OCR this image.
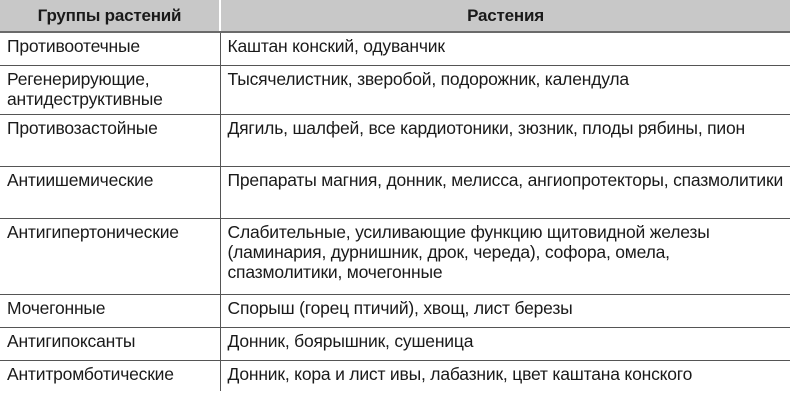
Группы растений	Растения
Противоотечные	Каштан конский, одуванчик
Регенерирующие, антидеструктивные	Тысячелистник, зверобой, подорожник, календула
Противозастойные	Дягиль, шалфей, все кардиотоники, зюзник, плоды рябины, пион
Антиишемические	Препараты магния, донник, мелисса, ангиопротекторы, спазмолитики
Антигипертонические	Слабительные, усиливающие функцию щитовидной железы (ламинария, дурнишник, дрок, череда), софора, омела, спазмолитики, мочегонные
Мочегонные	Спорыш (горец птичий), хвощ, лист березы
Антигипоксанты	Донник, боярышник, сушеница
Антитромботические	Донник, кора и лист ивы, лабазник, цвет каштана конского
